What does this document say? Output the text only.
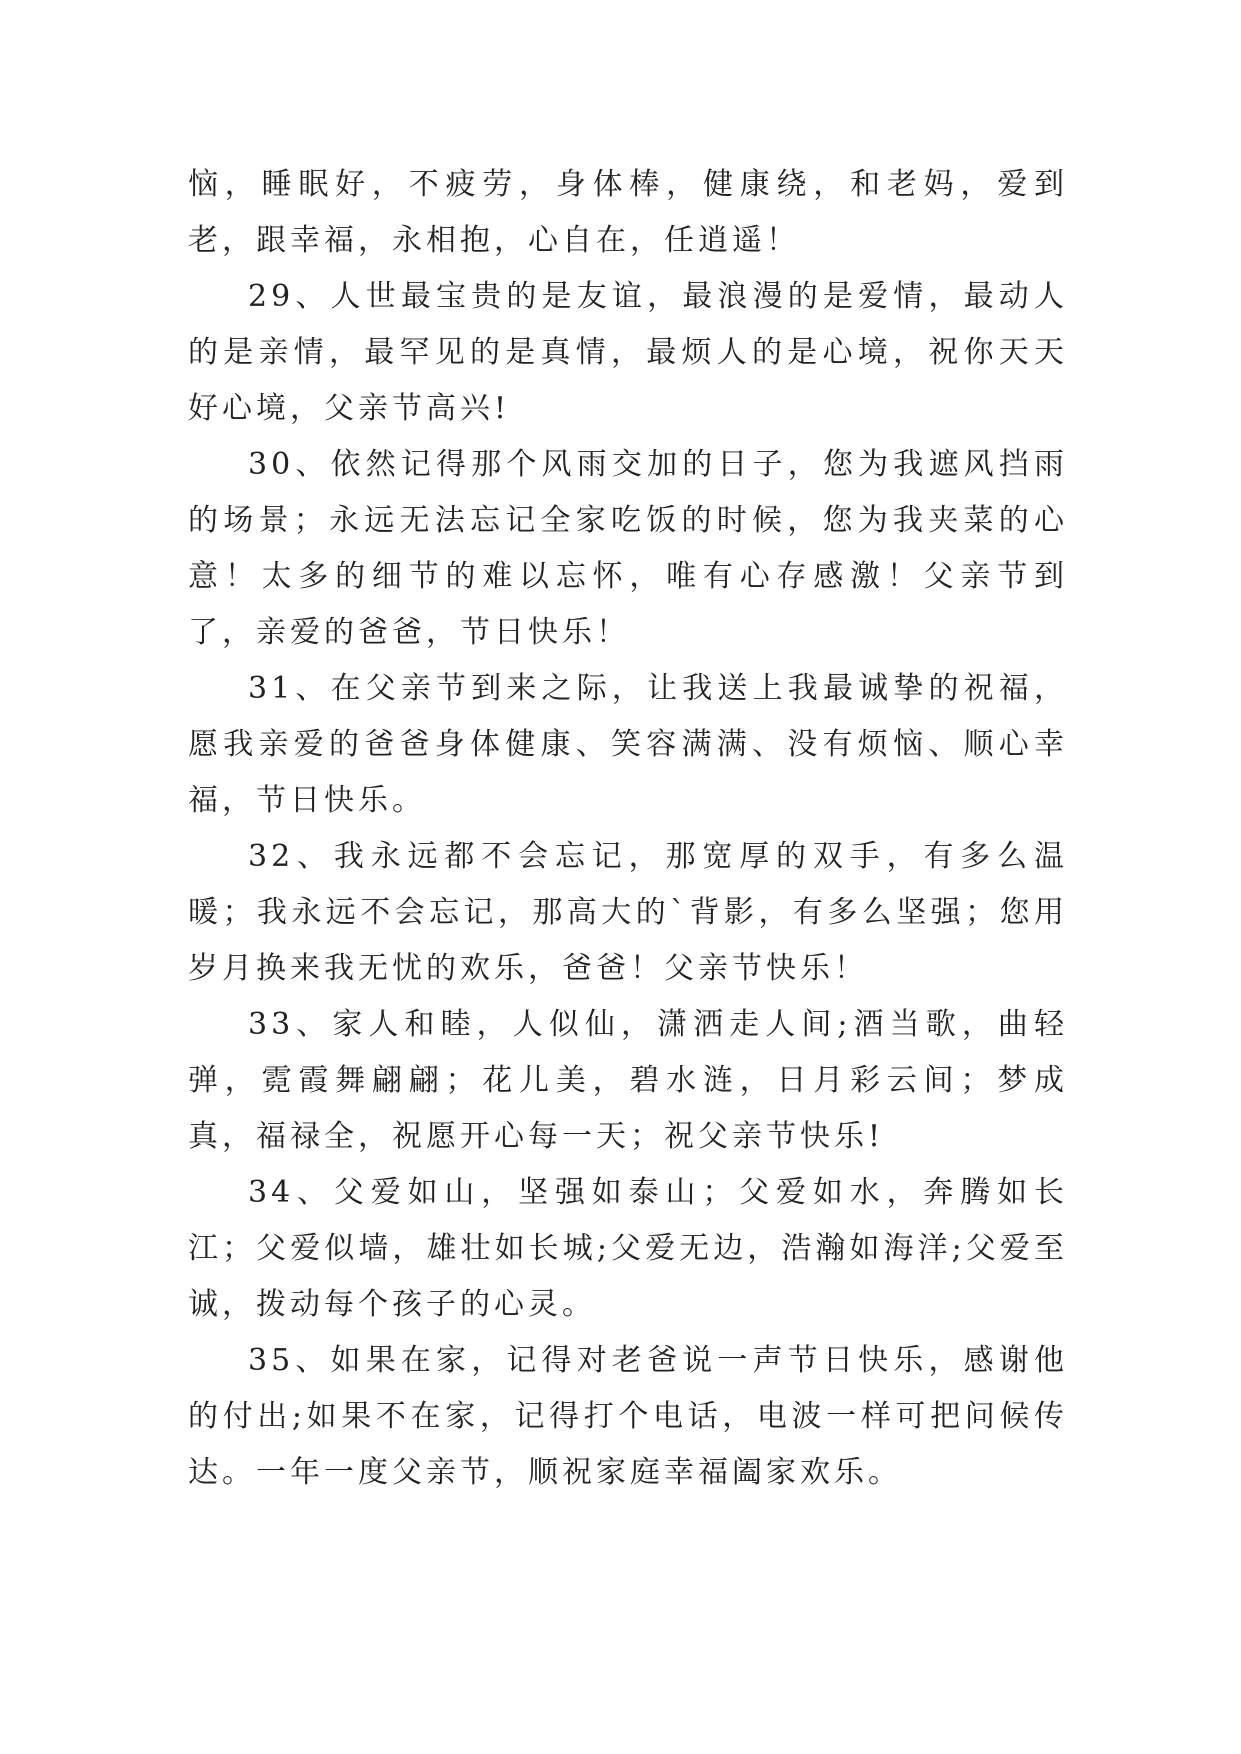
恼，睡眠好，不疲劳，身体棒，健康绕，和老妈，爱到老，跟幸福，永相抱，心自在，任逍遥！

29、人世最宝贵的是友谊，最浪漫的是爱情，最动人的是亲情，最罕见的是真情，最烦人的是心境，祝你天天好心境，父亲节高兴!

30、依然记得那个风雨交加的日子，您为我遮风挡雨的场景；永远无法忘记全家吃饭的时候，您为我夹菜的心意！太多的细节的难以忘怀，唯有心存感激！父亲节到了，亲爱的爸爸，节日快乐！

31、在父亲节到来之际，让我送上我最诚挚的祝福，愿我亲爱的爸爸身体健康、笑容满满、没有烦恼、顺心幸福，节日快乐。

32、我永远都不会忘记，那宽厚的双手，有多么温暖；我永远不会忘记，那高大的`背影，有多么坚强；您用岁月换来我无忧的欢乐，爸爸！父亲节快乐！

33、家人和睦，人似仙，潇洒走人间;酒当歌，曲轻弹，霓霞舞翩翩；花儿美，碧水涟，日月彩云间；梦成真，福禄全，祝愿开心每一天；祝父亲节快乐!

34、父爱如山，坚强如泰山；父爱如水，奔腾如长江；父爱似墙，雄壮如长城;父爱无边，浩瀚如海洋;父爱至诚，拨动每个孩子的心灵。

35、如果在家，记得对老爸说一声节日快乐，感谢他的付出;如果不在家，记得打个电话，电波一样可把问候传达。一年一度父亲节，顺祝家庭幸福阖家欢乐。
